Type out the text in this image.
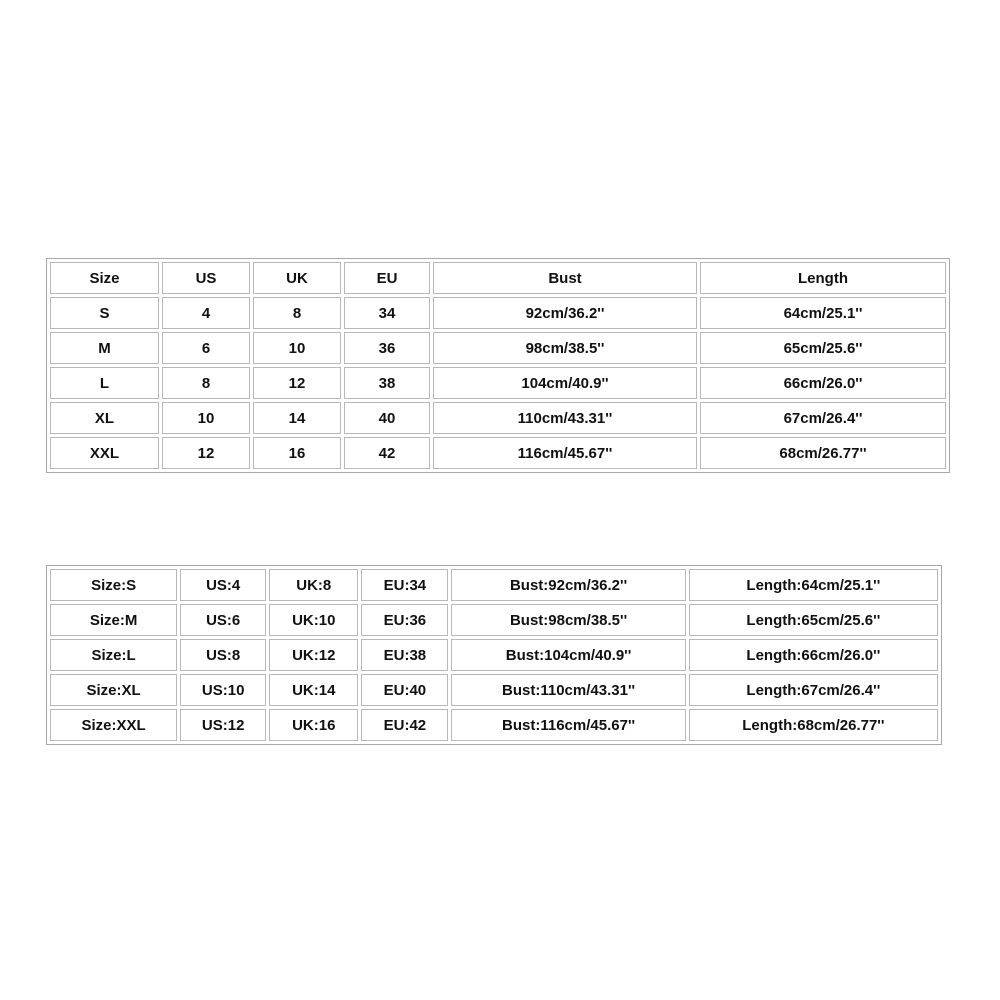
Size	US	UK	EU	Bust	Length
S	4	8	34	92cm/36.2''	64cm/25.1''
M	6	10	36	98cm/38.5''	65cm/25.6''
L	8	12	38	104cm/40.9''	66cm/26.0''
XL	10	14	40	110cm/43.31''	67cm/26.4''
XXL	12	16	42	116cm/45.67''	68cm/26.77''
Size:S	US:4	UK:8	EU:34	Bust:92cm/36.2''	Length:64cm/25.1''
Size:M	US:6	UK:10	EU:36	Bust:98cm/38.5''	Length:65cm/25.6''
Size:L	US:8	UK:12	EU:38	Bust:104cm/40.9''	Length:66cm/26.0''
Size:XL	US:10	UK:14	EU:40	Bust:110cm/43.31''	Length:67cm/26.4''
Size:XXL	US:12	UK:16	EU:42	Bust:116cm/45.67''	Length:68cm/26.77''
